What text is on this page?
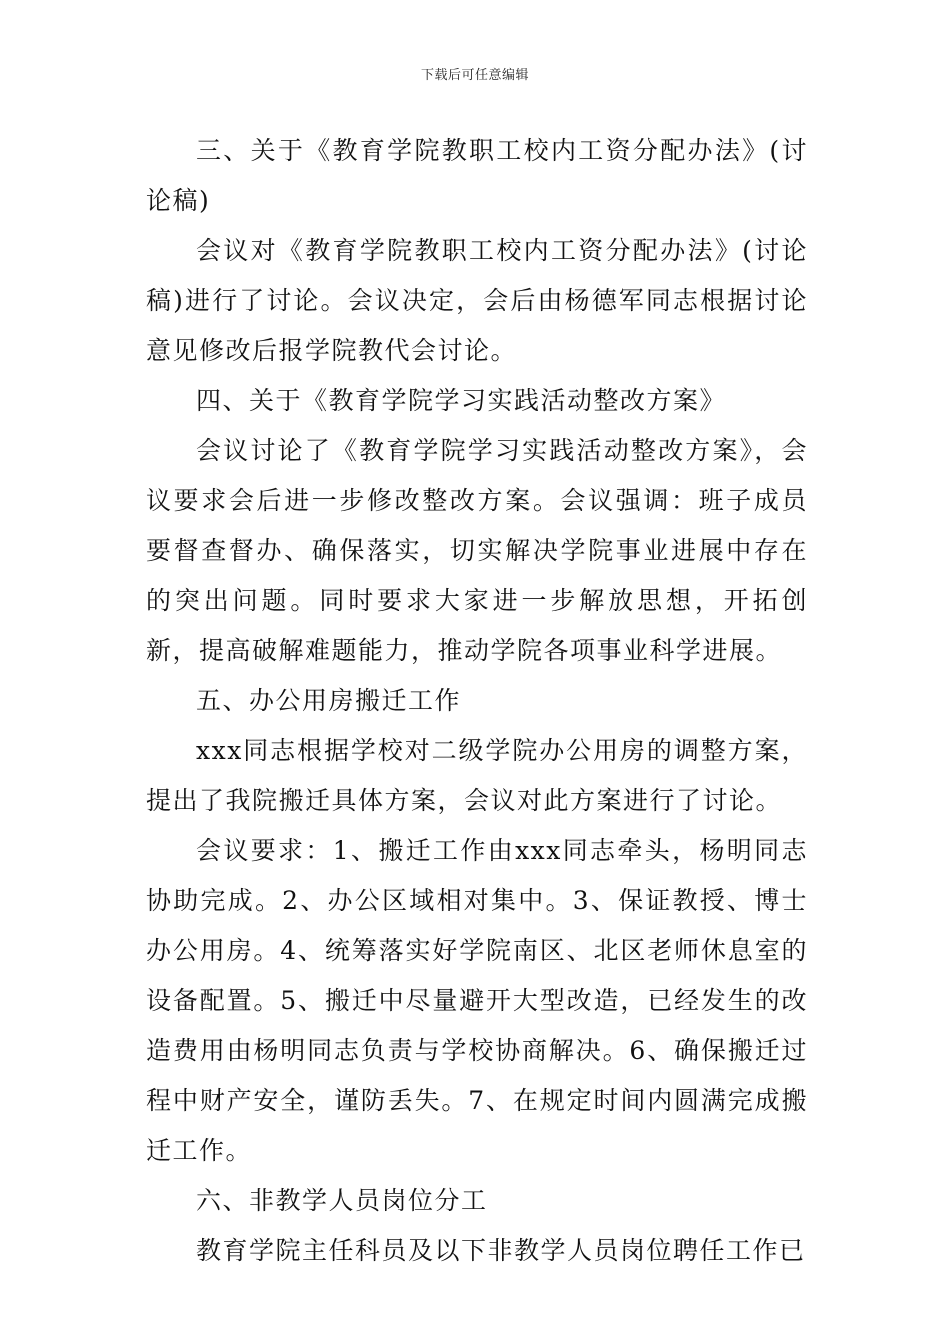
下载后可任意编辑

三、关于《教育学院教职工校内工资分配办法》(讨论稿)

会议对《教育学院教职工校内工资分配办法》(讨论稿)进行了讨论。会议决定，会后由杨德军同志根据讨论意见修改后报学院教代会讨论。

四、关于《教育学院学习实践活动整改方案》

会议讨论了《教育学院学习实践活动整改方案》，会议要求会后进一步修改整改方案。会议强调：班子成员要督查督办、确保落实，切实解决学院事业进展中存在的突出问题。同时要求大家进一步解放思想，开拓创新，提高破解难题能力，推动学院各项事业科学进展。

五、办公用房搬迁工作

xxx同志根据学校对二级学院办公用房的调整方案，提出了我院搬迁具体方案，会议对此方案进行了讨论。

会议要求：1、搬迁工作由xxx同志牵头，杨明同志协助完成。2、办公区域相对集中。3、保证教授、博士办公用房。4、统筹落实好学院南区、北区老师休息室的设备配置。5、搬迁中尽量避开大型改造，已经发生的改造费用由杨明同志负责与学校协商解决。6、确保搬迁过程中财产安全，谨防丢失。7、在规定时间内圆满完成搬迁工作。

六、非教学人员岗位分工

教育学院主任科员及以下非教学人员岗位聘任工作已
